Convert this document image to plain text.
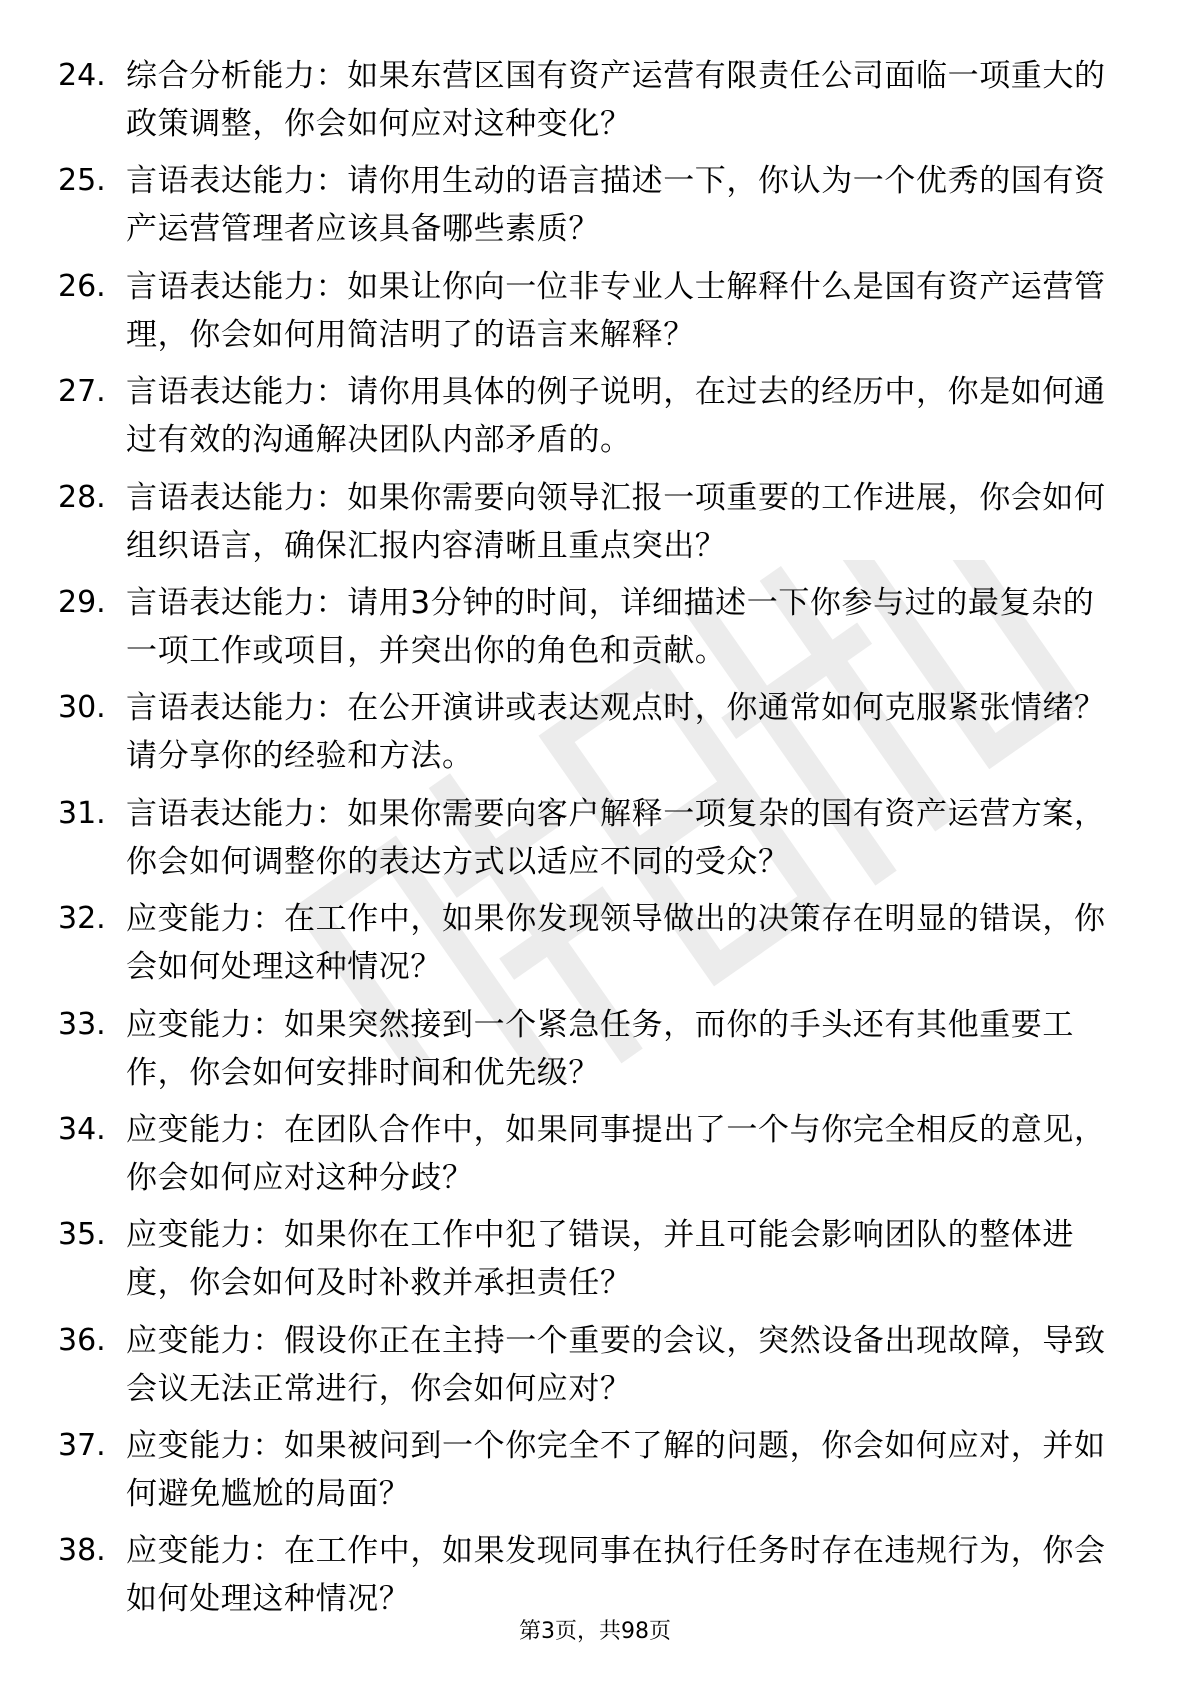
24. 综合分析能力：如果东营区国有资产运营有限责任公司面临一项重大的政策调整，你会如何应对这种变化？
25. 言语表达能力：请你用生动的语言描述一下，你认为一个优秀的国有资产运营管理者应该具备哪些素质？
26. 言语表达能力：如果让你向一位非专业人士解释什么是国有资产运营管理，你会如何用简洁明了的语言来解释？
27. 言语表达能力：请你用具体的例子说明，在过去的经历中，你是如何通过有效的沟通解决团队内部矛盾的。
28. 言语表达能力：如果你需要向领导汇报一项重要的工作进展，你会如何组织语言，确保汇报内容清晰且重点突出？
29. 言语表达能力：请用3分钟的时间，详细描述一下你参与过的最复杂的一项工作或项目，并突出你的角色和贡献。
30. 言语表达能力：在公开演讲或表达观点时，你通常如何克服紧张情绪？请分享你的经验和方法。
31. 言语表达能力：如果你需要向客户解释一项复杂的国有资产运营方案，你会如何调整你的表达方式以适应不同的受众？
32. 应变能力：在工作中，如果你发现领导做出的决策存在明显的错误，你会如何处理这种情况？
33. 应变能力：如果突然接到一个紧急任务，而你的手头还有其他重要工作，你会如何安排时间和优先级？
34. 应变能力：在团队合作中，如果同事提出了一个与你完全相反的意见，你会如何应对这种分歧？
35. 应变能力：如果你在工作中犯了错误，并且可能会影响团队的整体进度，你会如何及时补救并承担责任？
36. 应变能力：假设你正在主持一个重要的会议，突然设备出现故障，导致会议无法正常进行，你会如何应对？
37. 应变能力：如果被问到一个你完全不了解的问题，你会如何应对，并如何避免尴尬的局面？
38. 应变能力：在工作中，如果发现同事在执行任务时存在违规行为，你会如何处理这种情况？
第3页，共98页
